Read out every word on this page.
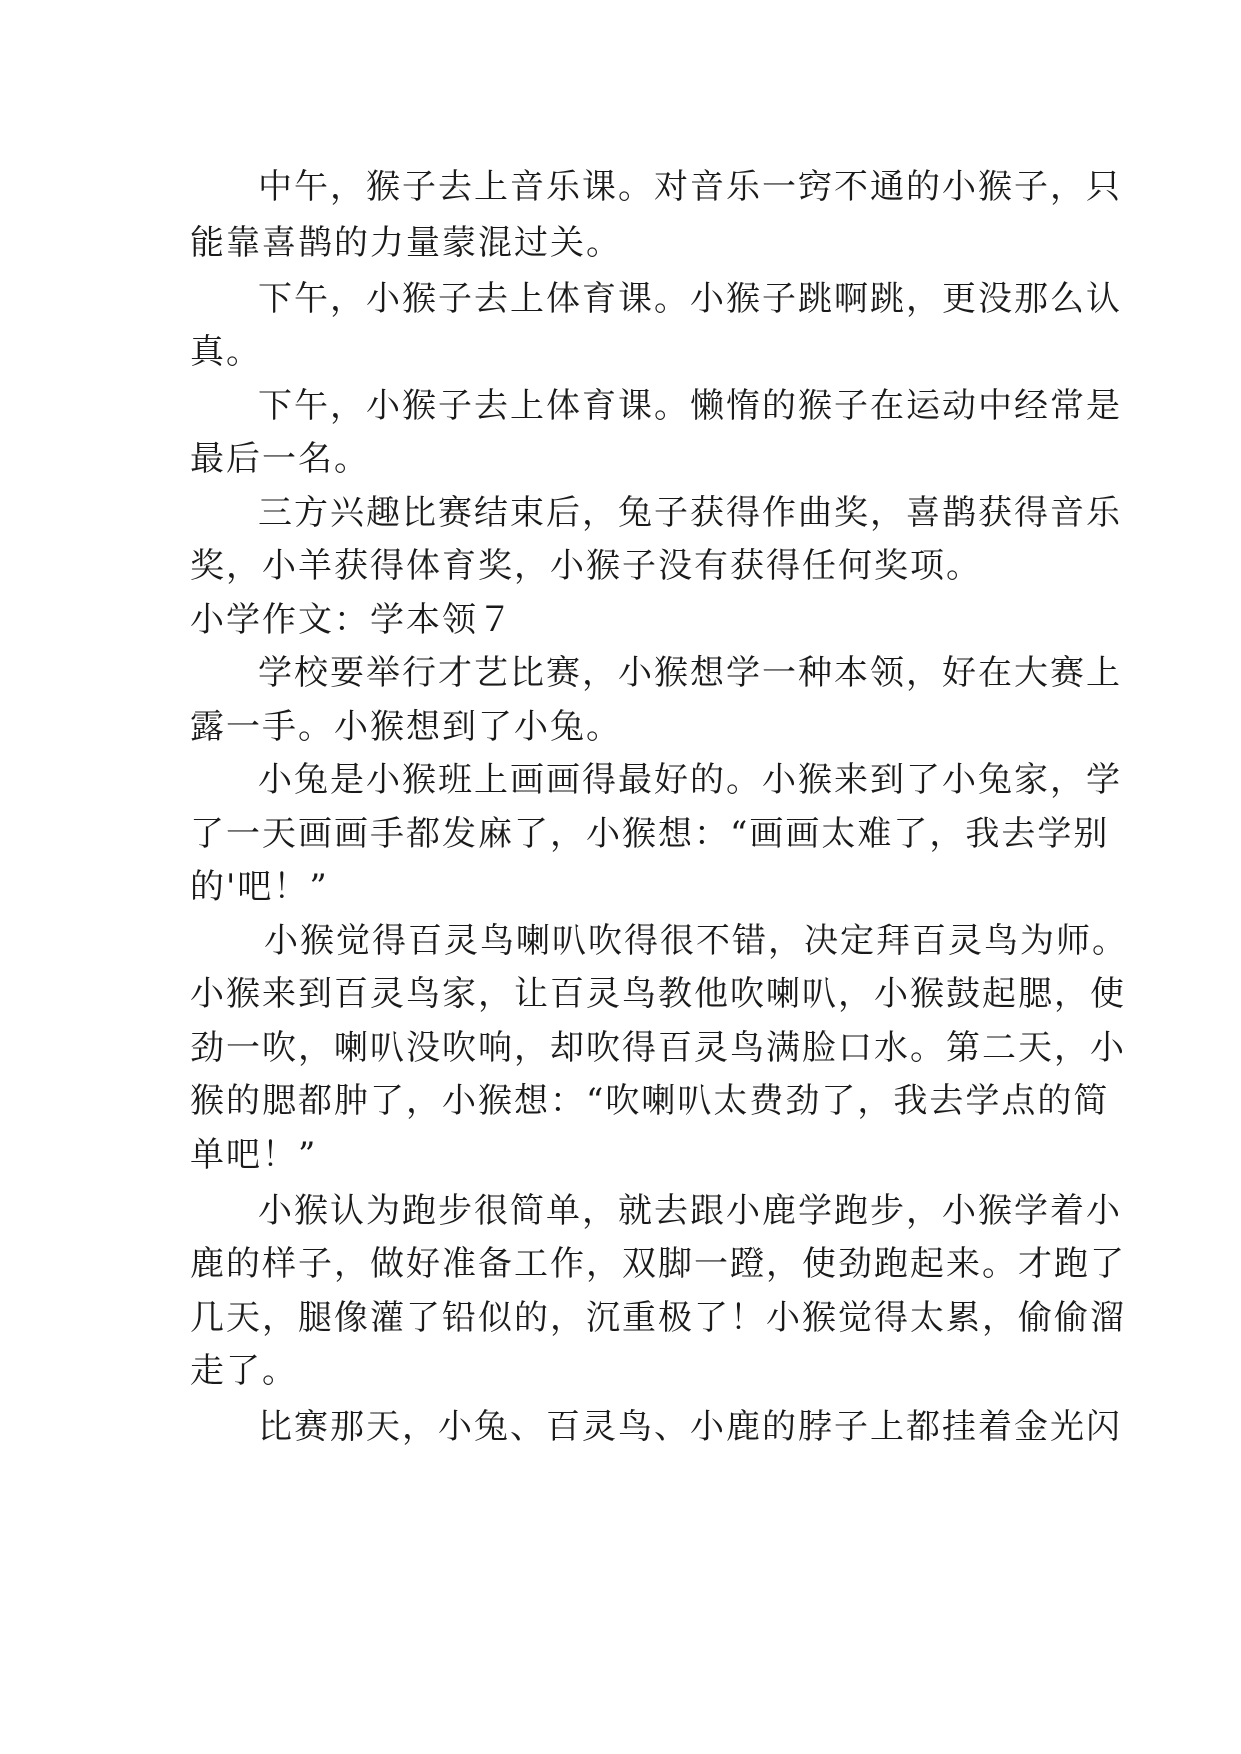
中午，猴子去上音乐课。对音乐一窍不通的小猴子，只
能靠喜鹊的力量蒙混过关。
下午，小猴子去上体育课。小猴子跳啊跳，更没那么认
真。
下午，小猴子去上体育课。懒惰的猴子在运动中经常是
最后一名。
三方兴趣比赛结束后，兔子获得作曲奖，喜鹊获得音乐
奖，小羊获得体育奖，小猴子没有获得任何奖项。
小学作文：学本领７
学校要举行才艺比赛，小猴想学一种本领，好在大赛上
露一手。小猴想到了小兔。
小兔是小猴班上画画得最好的。小猴来到了小兔家，学
了一天画画手都发麻了，小猴想：“画画太难了，我去学别
的'吧！”
小猴觉得百灵鸟喇叭吹得很不错，决定拜百灵鸟为师。
小猴来到百灵鸟家，让百灵鸟教他吹喇叭，小猴鼓起腮，使
劲一吹，喇叭没吹响，却吹得百灵鸟满脸口水。第二天，小
猴的腮都肿了，小猴想：“吹喇叭太费劲了，我去学点的简
单吧！”
小猴认为跑步很简单，就去跟小鹿学跑步，小猴学着小
鹿的样子，做好准备工作，双脚一蹬，使劲跑起来。才跑了
几天，腿像灌了铅似的，沉重极了！小猴觉得太累，偷偷溜
走了。
比赛那天，小兔、百灵鸟、小鹿的脖子上都挂着金光闪
